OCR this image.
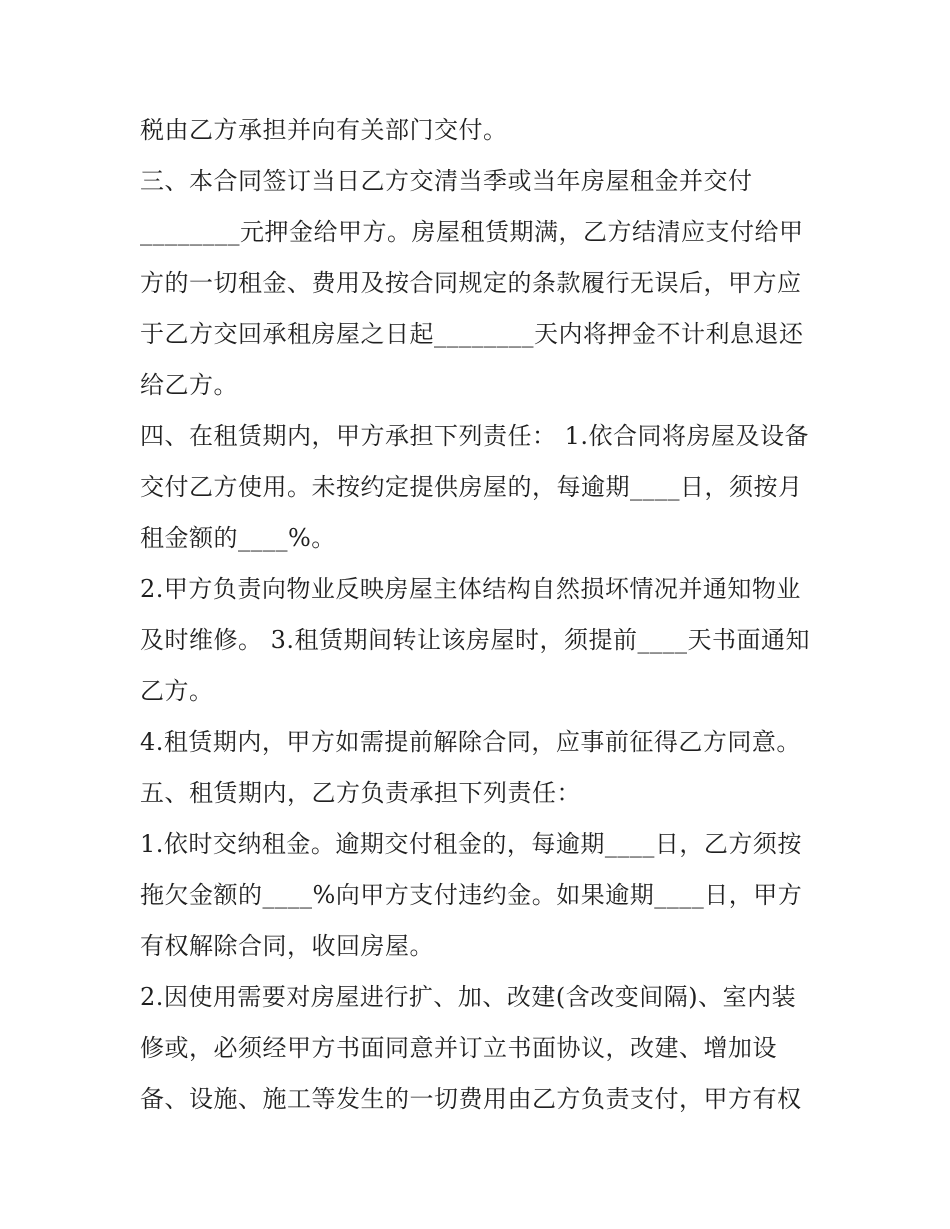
税由乙方承担并向有关部门交付。
三、本合同签订当日乙方交清当季或当年房屋租金并交付
________元押金给甲方。房屋租赁期满，乙方结清应支付给甲
方的一切租金、费用及按合同规定的条款履行无误后，甲方应
于乙方交回承租房屋之日起________天内将押金不计利息退还
给乙方。
四、在租赁期内，甲方承担下列责任： 1.依合同将房屋及设备
交付乙方使用。未按约定提供房屋的，每逾期____日，须按月
租金额的____%。
2.甲方负责向物业反映房屋主体结构自然损坏情况并通知物业
及时维修。 3.租赁期间转让该房屋时，须提前____天书面通知
乙方。
4.租赁期内，甲方如需提前解除合同，应事前征得乙方同意。
五、租赁期内，乙方负责承担下列责任：
1.依时交纳租金。逾期交付租金的，每逾期____日，乙方须按
拖欠金额的____%向甲方支付违约金。如果逾期____日，甲方
有权解除合同，收回房屋。
2.因使用需要对房屋进行扩、加、改建(含改变间隔)、室内装
修或，必须经甲方书面同意并订立书面协议，改建、增加设
备、设施、施工等发生的一切费用由乙方负责支付，甲方有权
